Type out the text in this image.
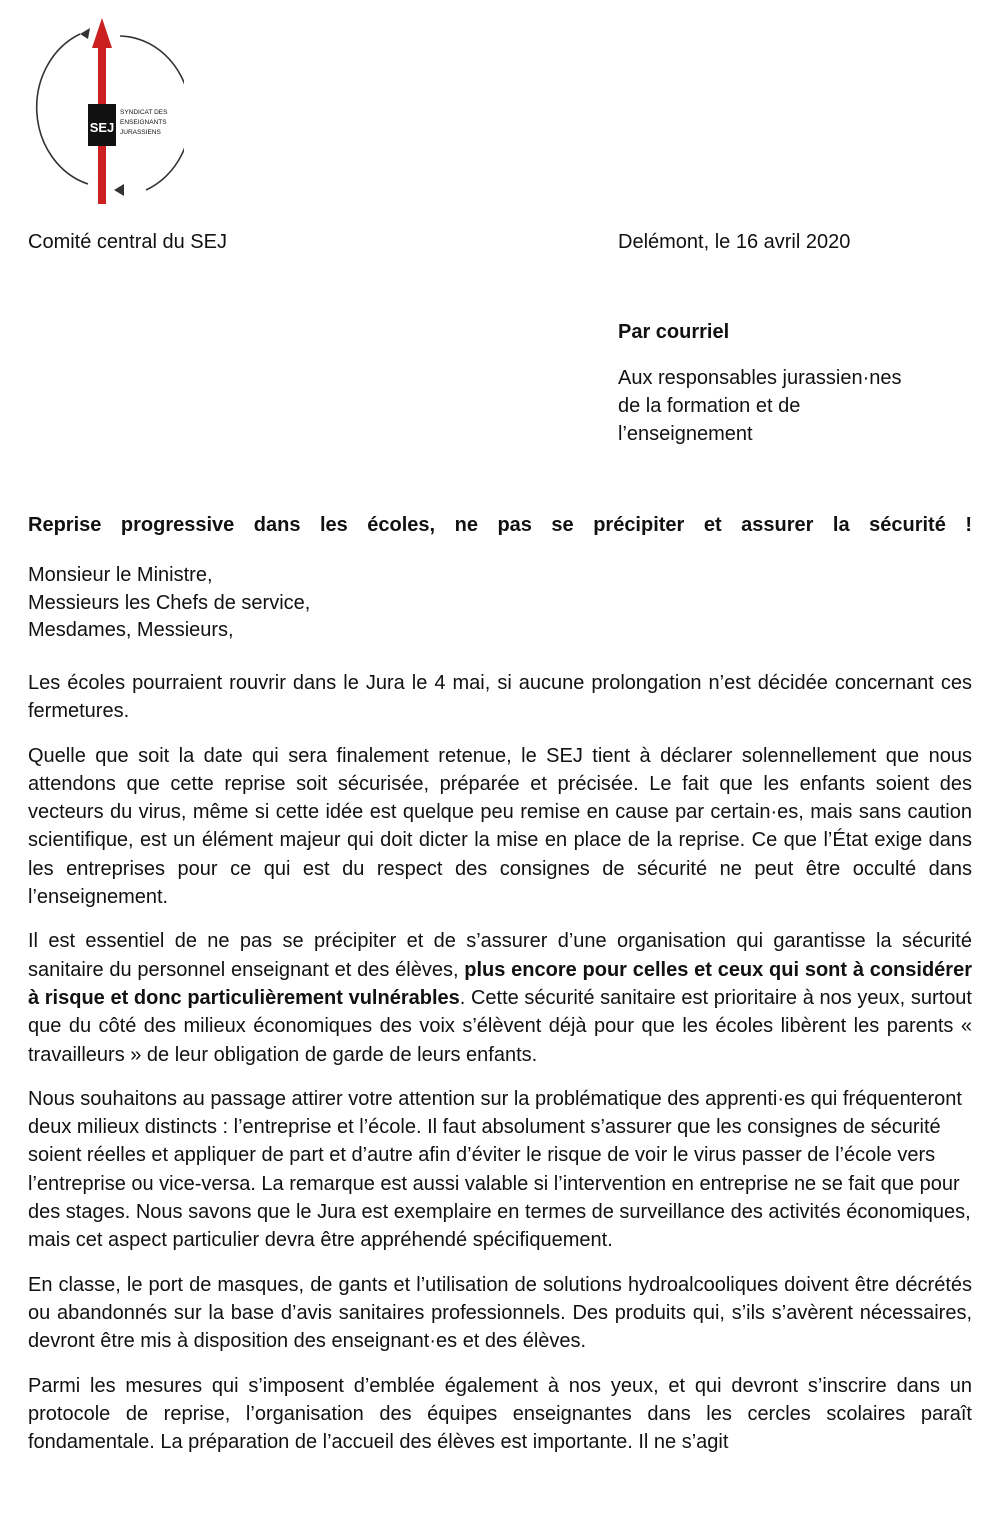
SEJ
SYNDICAT DES
ENSEIGNANTS
JURASSIENS
Comité central du SEJ	Delémont, le 16 avril 2020
Par courriel
Aux responsables jurassien·nes
de la formation et de
l’enseignement
Reprise progressive dans les écoles, ne pas se précipiter et assurer la sécurité !
Monsieur le Ministre,
Messieurs les Chefs de service,
Mesdames, Messieurs,

Les écoles pourraient rouvrir dans le Jura le 4 mai, si aucune prolongation n’est décidée concernant ces fermetures.

Quelle que soit la date qui sera finalement retenue, le SEJ tient à déclarer solennellement que nous attendons que cette reprise soit sécurisée, préparée et précisée. Le fait que les enfants soient des vecteurs du virus, même si cette idée est quelque peu remise en cause par certain·es, mais sans caution scientifique, est un élément majeur qui doit dicter la mise en place de la reprise. Ce que l’État exige dans les entreprises pour ce qui est du respect des consignes de sécurité ne peut être occulté dans l’enseignement.

Il est essentiel de ne pas se précipiter et de s’assurer d’une organisation qui garantisse la sécurité sanitaire du personnel enseignant et des élèves, plus encore pour celles et ceux qui sont à considérer à risque et donc particulièrement vulnérables. Cette sécurité sanitaire est prioritaire à nos yeux, surtout que du côté des milieux économiques des voix s’élèvent déjà pour que les écoles libèrent les parents « travailleurs » de leur obligation de garde de leurs enfants.

Nous souhaitons au passage attirer votre attention sur la problématique des apprenti·es qui fréquenteront deux milieux distincts : l’entreprise et l’école. Il faut absolument s’assurer que les consignes de sécurité soient réelles et appliquer de part et d’autre afin d’éviter le risque de voir le virus passer de l’école vers l’entreprise ou vice-versa. La remarque est aussi valable si l’intervention en entreprise ne se fait que pour des stages. Nous savons que le Jura est exemplaire en termes de surveillance des activités économiques, mais cet aspect particulier devra être appréhendé spécifiquement.

En classe, le port de masques, de gants et l’utilisation de solutions hydroalcooliques doivent être décrétés ou abandonnés sur la base d’avis sanitaires professionnels. Des produits qui, s’ils s’avèrent nécessaires, devront être mis à disposition des enseignant·es et des élèves.

Parmi les mesures qui s’imposent d’emblée également à nos yeux, et qui devront s’inscrire dans un protocole de reprise, l’organisation des équipes enseignantes dans les cercles scolaires paraît fondamentale. La préparation de l’accueil des élèves est importante. Il ne s’agit
